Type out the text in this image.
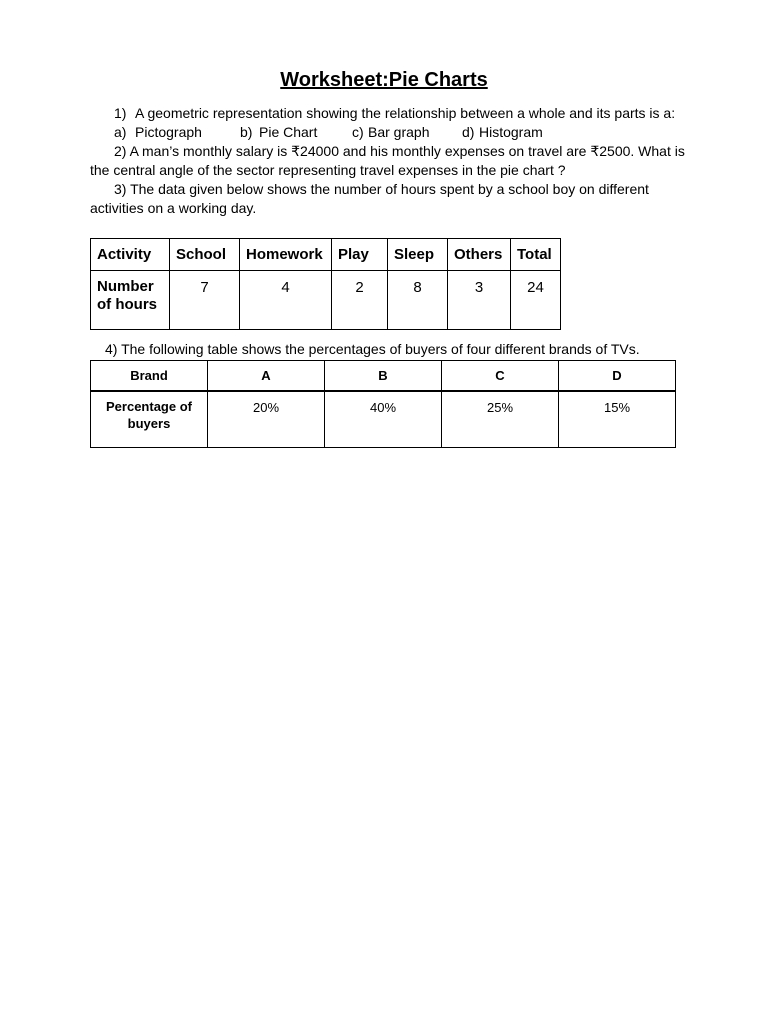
Worksheet:Pie Charts
1) A geometric representation showing the relationship between a whole and its parts is a:
a) Pictograph	b) Pie Chart c) Bar graph d) Histogram
2) A man’s monthly salary is ₹24000 and his monthly expenses on travel are ₹2500. What is
the central angle of the sector representing travel expenses in the pie chart ?
3) The data given below shows the number of hours spent by a school boy on different
activities on a working day.
Activity	School	Homework	Play	Sleep	Others	Total
Number
of hours	7	4	2	8	3	24
4) The following table shows the percentages of buyers of four different brands of TVs.
Brand	A	B	C	D
Percentage of
buyers	20%	40%	25%	15%
